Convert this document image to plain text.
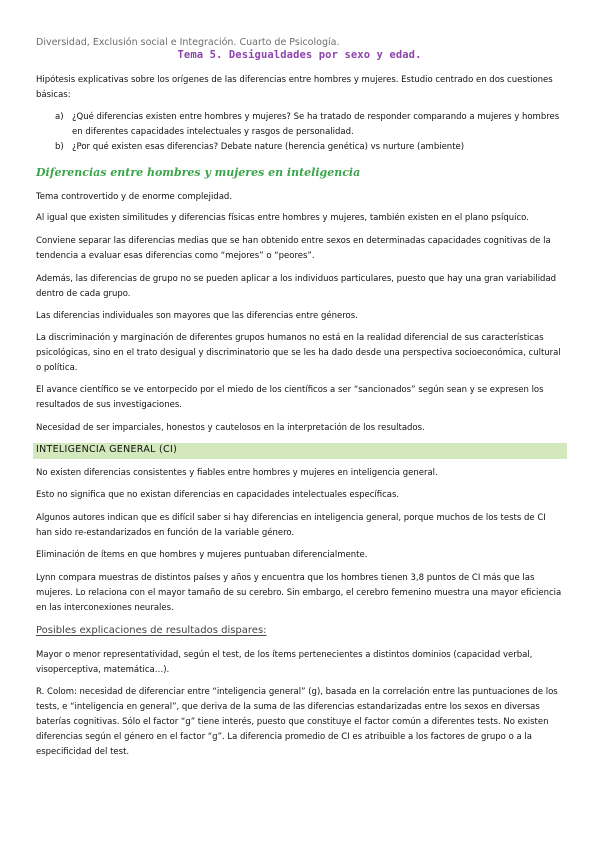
Diversidad, Exclusión social e Integración. Cuarto de Psicología.
Tema 5. Desigualdades por sexo y edad.

Hipótesis explicativas sobre los orígenes de las diferencias entre hombres y mujeres. Estudio centrado en dos cuestiones básicas:

a) ¿Qué diferencias existen entre hombres y mujeres? Se ha tratado de responder comparando a mujeres y hombres en diferentes capacidades intelectuales y rasgos de personalidad.
b) ¿Por qué existen esas diferencias? Debate nature (herencia genética) vs nurture (ambiente)
Diferencias entre hombres y mujeres en inteligencia

Tema controvertido y de enorme complejidad.

Al igual que existen similitudes y diferencias físicas entre hombres y mujeres, también existen en el plano psíquico.

Conviene separar las diferencias medias que se han obtenido entre sexos en determinadas capacidades cognitivas de la tendencia a evaluar esas diferencias como “mejores” o “peores”.

Además, las diferencias de grupo no se pueden aplicar a los individuos particulares, puesto que hay una gran variabilidad dentro de cada grupo.

Las diferencias individuales son mayores que las diferencias entre géneros.

La discriminación y marginación de diferentes grupos humanos no está en la realidad diferencial de sus características psicológicas, sino en el trato desigual y discriminatorio que se les ha dado desde una perspectiva socioeconómica, cultural o política.

El avance científico se ve entorpecido por el miedo de los científicos a ser “sancionados” según sean y se expresen los resultados de sus investigaciones.

Necesidad de ser imparciales, honestos y cautelosos en la interpretación de los resultados.

INTELIGENCIA GENERAL (CI)

No existen diferencias consistentes y fiables entre hombres y mujeres en inteligencia general.

Esto no significa que no existan diferencias en capacidades intelectuales específicas.

Algunos autores indican que es difícil saber si hay diferencias en inteligencia general, porque muchos de los tests de CI han sido re-estandarizados en función de la variable género.

Eliminación de ítems en que hombres y mujeres puntuaban diferencialmente.

Lynn compara muestras de distintos países y años y encuentra que los hombres tienen 3,8 puntos de CI más que las mujeres. Lo relaciona con el mayor tamaño de su cerebro. Sin embargo, el cerebro femenino muestra una mayor eficiencia en las interconexiones neurales.

Posibles explicaciones de resultados dispares:

Mayor o menor representatividad, según el test, de los ítems pertenecientes a distintos dominios (capacidad verbal, visoperceptiva, matemática…).

R. Colom: necesidad de diferenciar entre “inteligencia general” (g), basada en la correlación entre las puntuaciones de los tests, e “inteligencia en general”, que deriva de la suma de las diferencias estandarizadas entre los sexos en diversas baterías cognitivas. Sólo el factor “g” tiene interés, puesto que constituye el factor común a diferentes tests. No existen diferencias según el género en el factor “g”. La diferencia promedio de CI es atribuible a los factores de grupo o a la especificidad del test.
